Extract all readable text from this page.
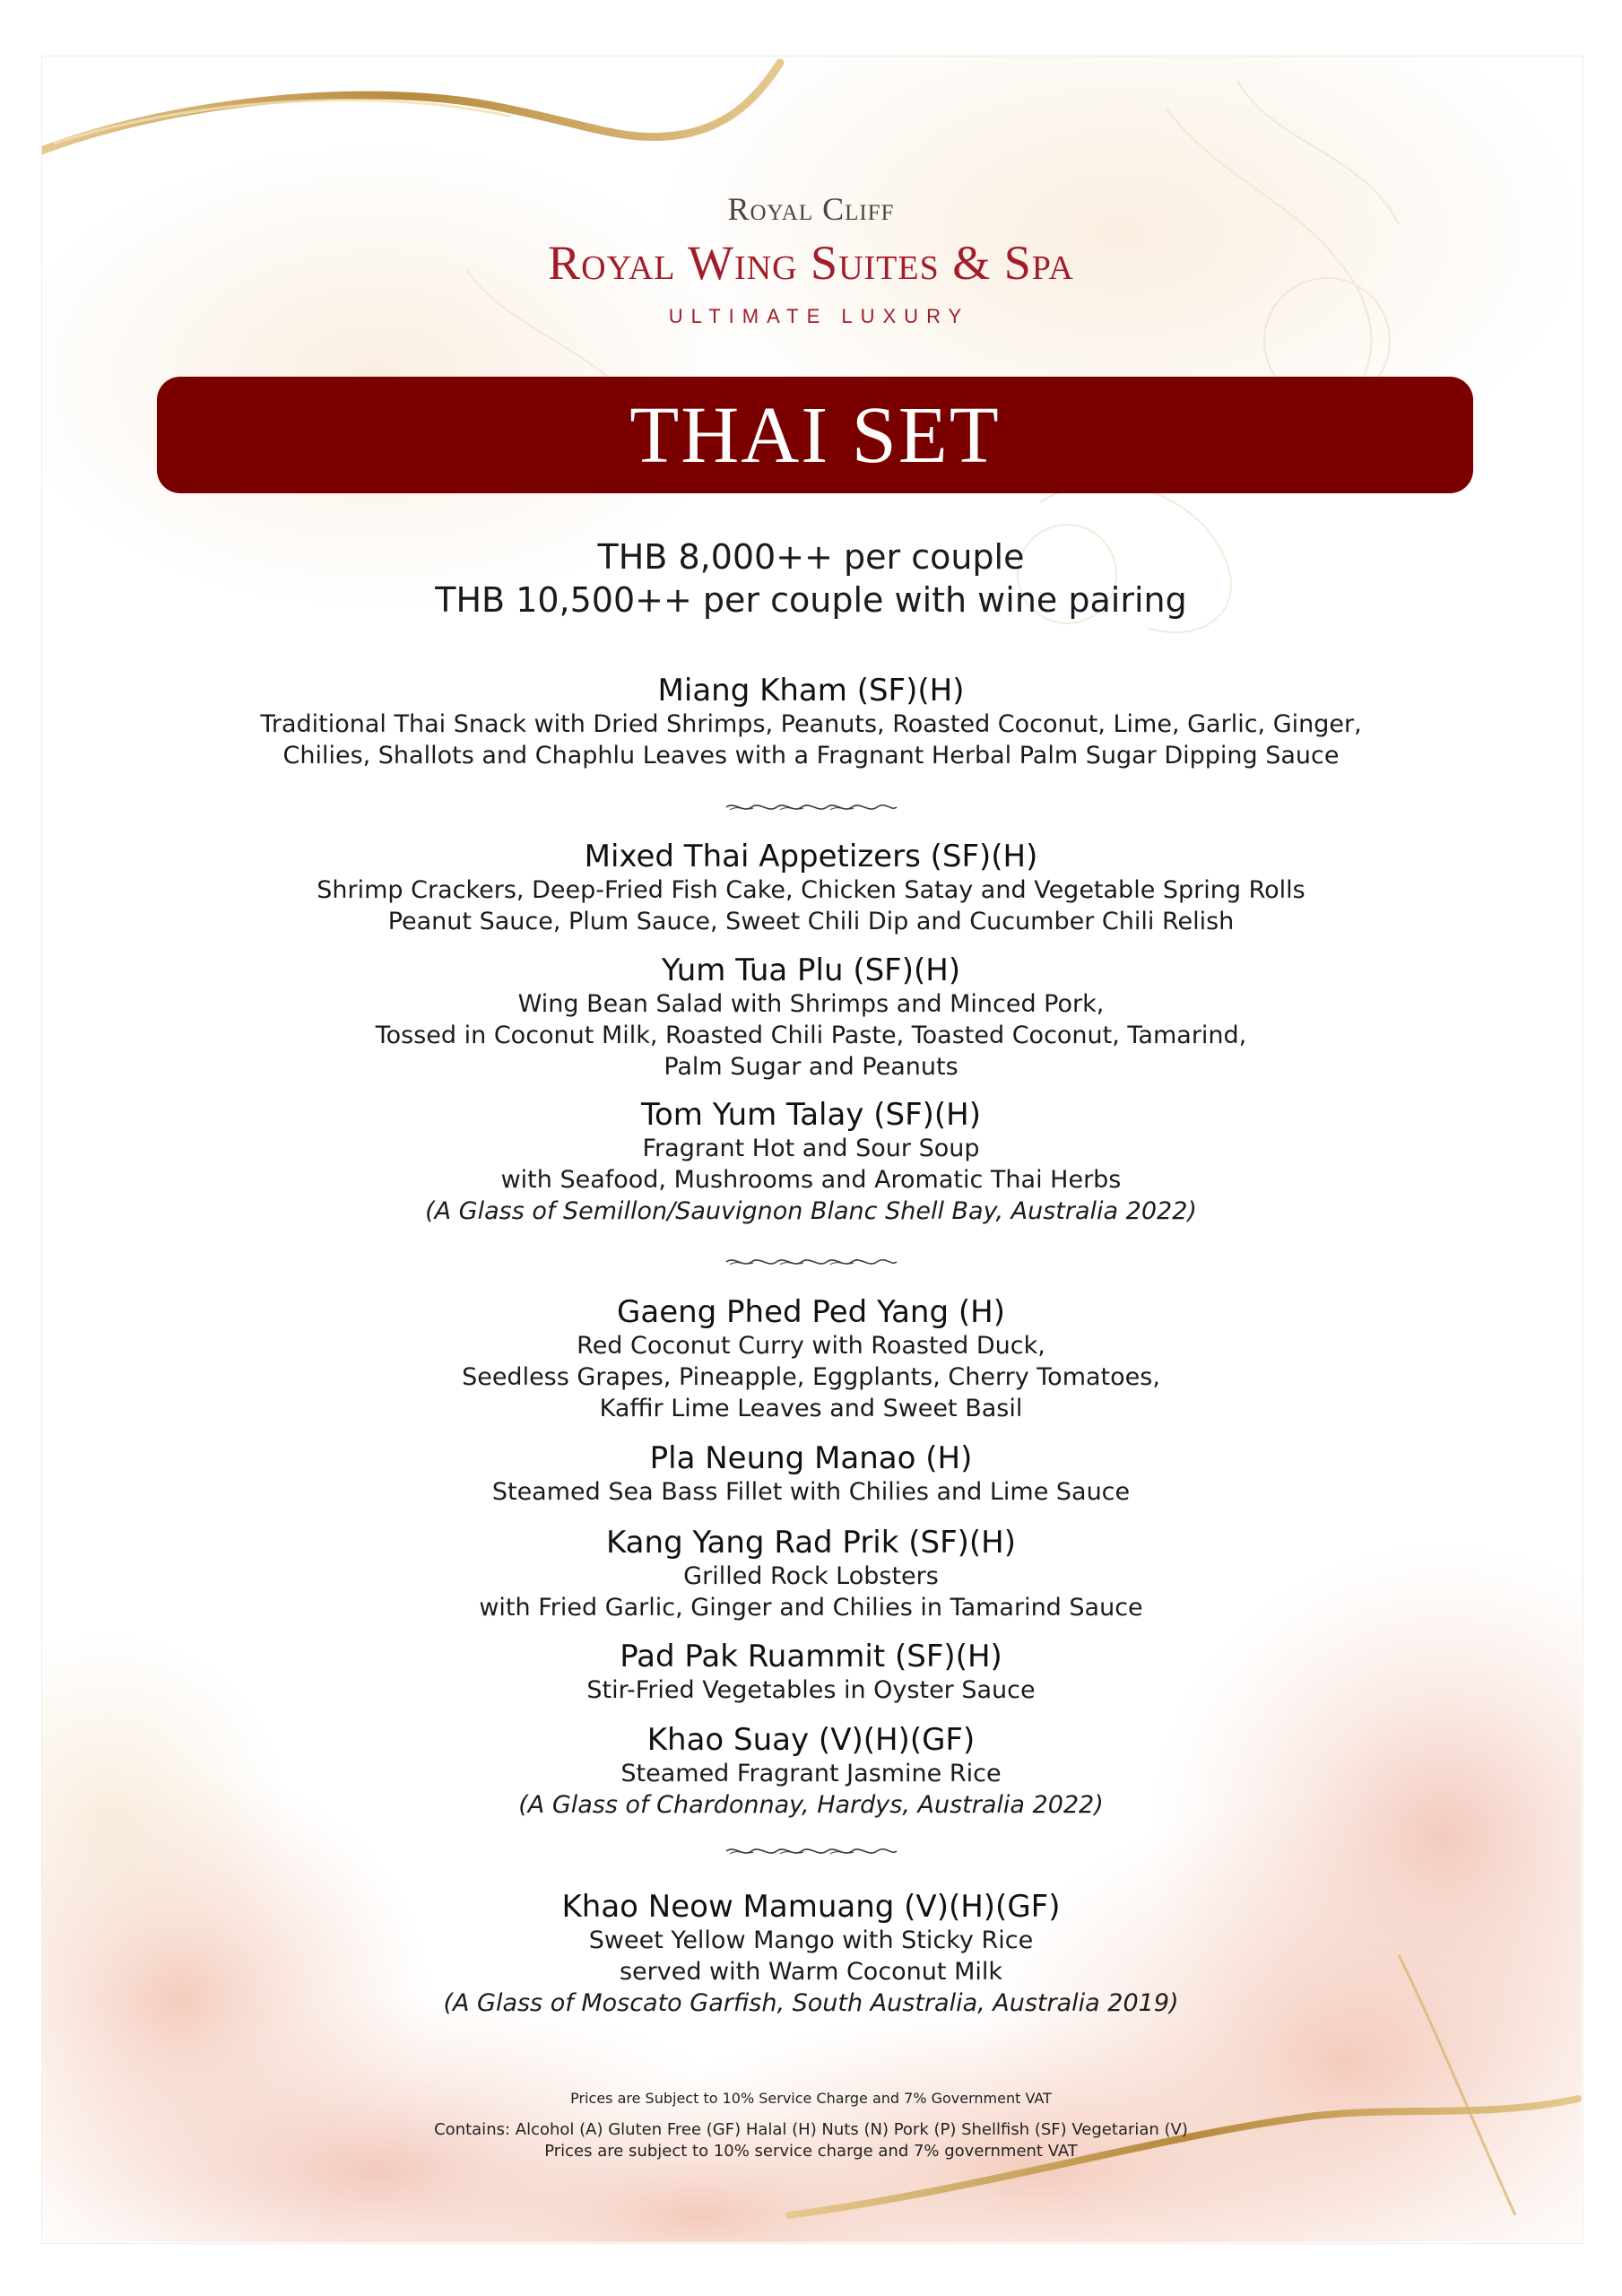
Royal Cliff
Royal Wing Suites & Spa
ULTIMATE LUXURY
THAI SET
THB 8,000++ per couple
THB 10,500++ per couple with wine pairing
Miang Kham (SF)(H)
Traditional Thai Snack with Dried Shrimps, Peanuts, Roasted Coconut, Lime, Garlic, Ginger,
Chilies, Shallots and Chaphlu Leaves with a Fragnant Herbal Palm Sugar Dipping Sauce
Mixed Thai Appetizers (SF)(H)
Shrimp Crackers, Deep-Fried Fish Cake, Chicken Satay and Vegetable Spring Rolls
Peanut Sauce, Plum Sauce, Sweet Chili Dip and Cucumber Chili Relish
Yum Tua Plu (SF)(H)
Wing Bean Salad with Shrimps and Minced Pork,
Tossed in Coconut Milk, Roasted Chili Paste, Toasted Coconut, Tamarind,
Palm Sugar and Peanuts
Tom Yum Talay (SF)(H)
Fragrant Hot and Sour Soup
with Seafood, Mushrooms and Aromatic Thai Herbs
(A Glass of Semillon/Sauvignon Blanc Shell Bay, Australia 2022)
Gaeng Phed Ped Yang (H)
Red Coconut Curry with Roasted Duck,
Seedless Grapes, Pineapple, Eggplants, Cherry Tomatoes,
Kaffir Lime Leaves and Sweet Basil
Pla Neung Manao (H)
Steamed Sea Bass Fillet with Chilies and Lime Sauce
Kang Yang Rad Prik (SF)(H)
Grilled Rock Lobsters
with Fried Garlic, Ginger and Chilies in Tamarind Sauce
Pad Pak Ruammit (SF)(H)
Stir-Fried Vegetables in Oyster Sauce
Khao Suay (V)(H)(GF)
Steamed Fragrant Jasmine Rice
(A Glass of Chardonnay, Hardys, Australia 2022)
Khao Neow Mamuang (V)(H)(GF)
Sweet Yellow Mango with Sticky Rice
served with Warm Coconut Milk
(A Glass of Moscato Garfish, South Australia, Australia 2019)
Prices are Subject to 10% Service Charge and 7% Government VAT
Contains: Alcohol (A) Gluten Free (GF) Halal (H) Nuts (N) Pork (P) Shellfish (SF) Vegetarian (V)
Prices are subject to 10% service charge and 7% government VAT
